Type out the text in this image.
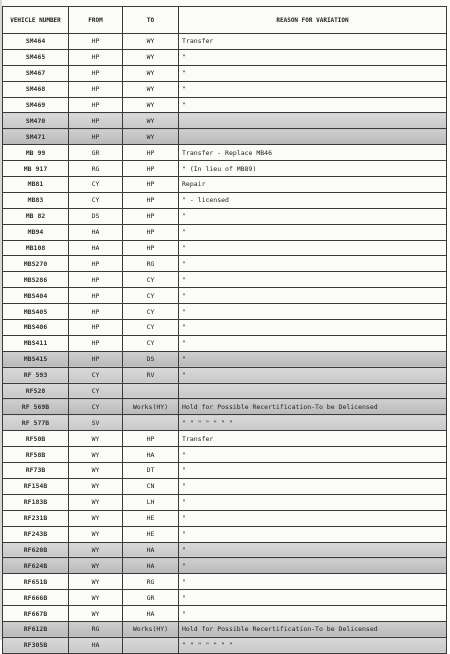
VEHICLE NUMBER	FROM	TO	REASON FOR VARIATION
SM464	HP	WY	Transfer
SM465	HP	WY	"
SM467	HP	WY	"
SM468	HP	WY	"
SM469	HP	WY	"
SM470	HP	WY	
SM471	HP	WY	
MB 99	GR	HP	Transfer - Replace MB46
MB 917	RG	HP	" (In lieu of MB89)
MB81	CY	HP	Repair
MB83	CY	HP	" - licensed
MB 82	DS	HP	"
MB94	HA	HP	"
MB108	HA	HP	"
MBS270	HP	RG	"
MBS286	HP	CY	"
MBS404	HP	CY	"
MBS405	HP	CY	"
MBS406	HP	CY	"
MBS411	HP	CY	"
MBS415	HP	DS	"
RF 593	CY	RV	"
RF528	CY		
RF 569B	CY	Works(HY)	Hold for Possible Recertification-To be Delicensed
RF 577B	SV		" " " " " " "
RF50B	WY	HP	Transfer
RF58B	WY	HA	"
RF73B	WY	DT	"
RF154B	WY	CN	"
RF183B	WY	LH	"
RF231B	WY	HE	"
RF243B	WY	HE	"
RF620B	WY	HA	"
RF624B	WY	HA	"
RF651B	WY	RG	"
RF666B	WY	GR	"
RF667B	WY	HA	"
RF612B	RG	Works(HY)	Hold for Possible Recertification-To be Delicensed
RF305B	HA		" " " " " " "
